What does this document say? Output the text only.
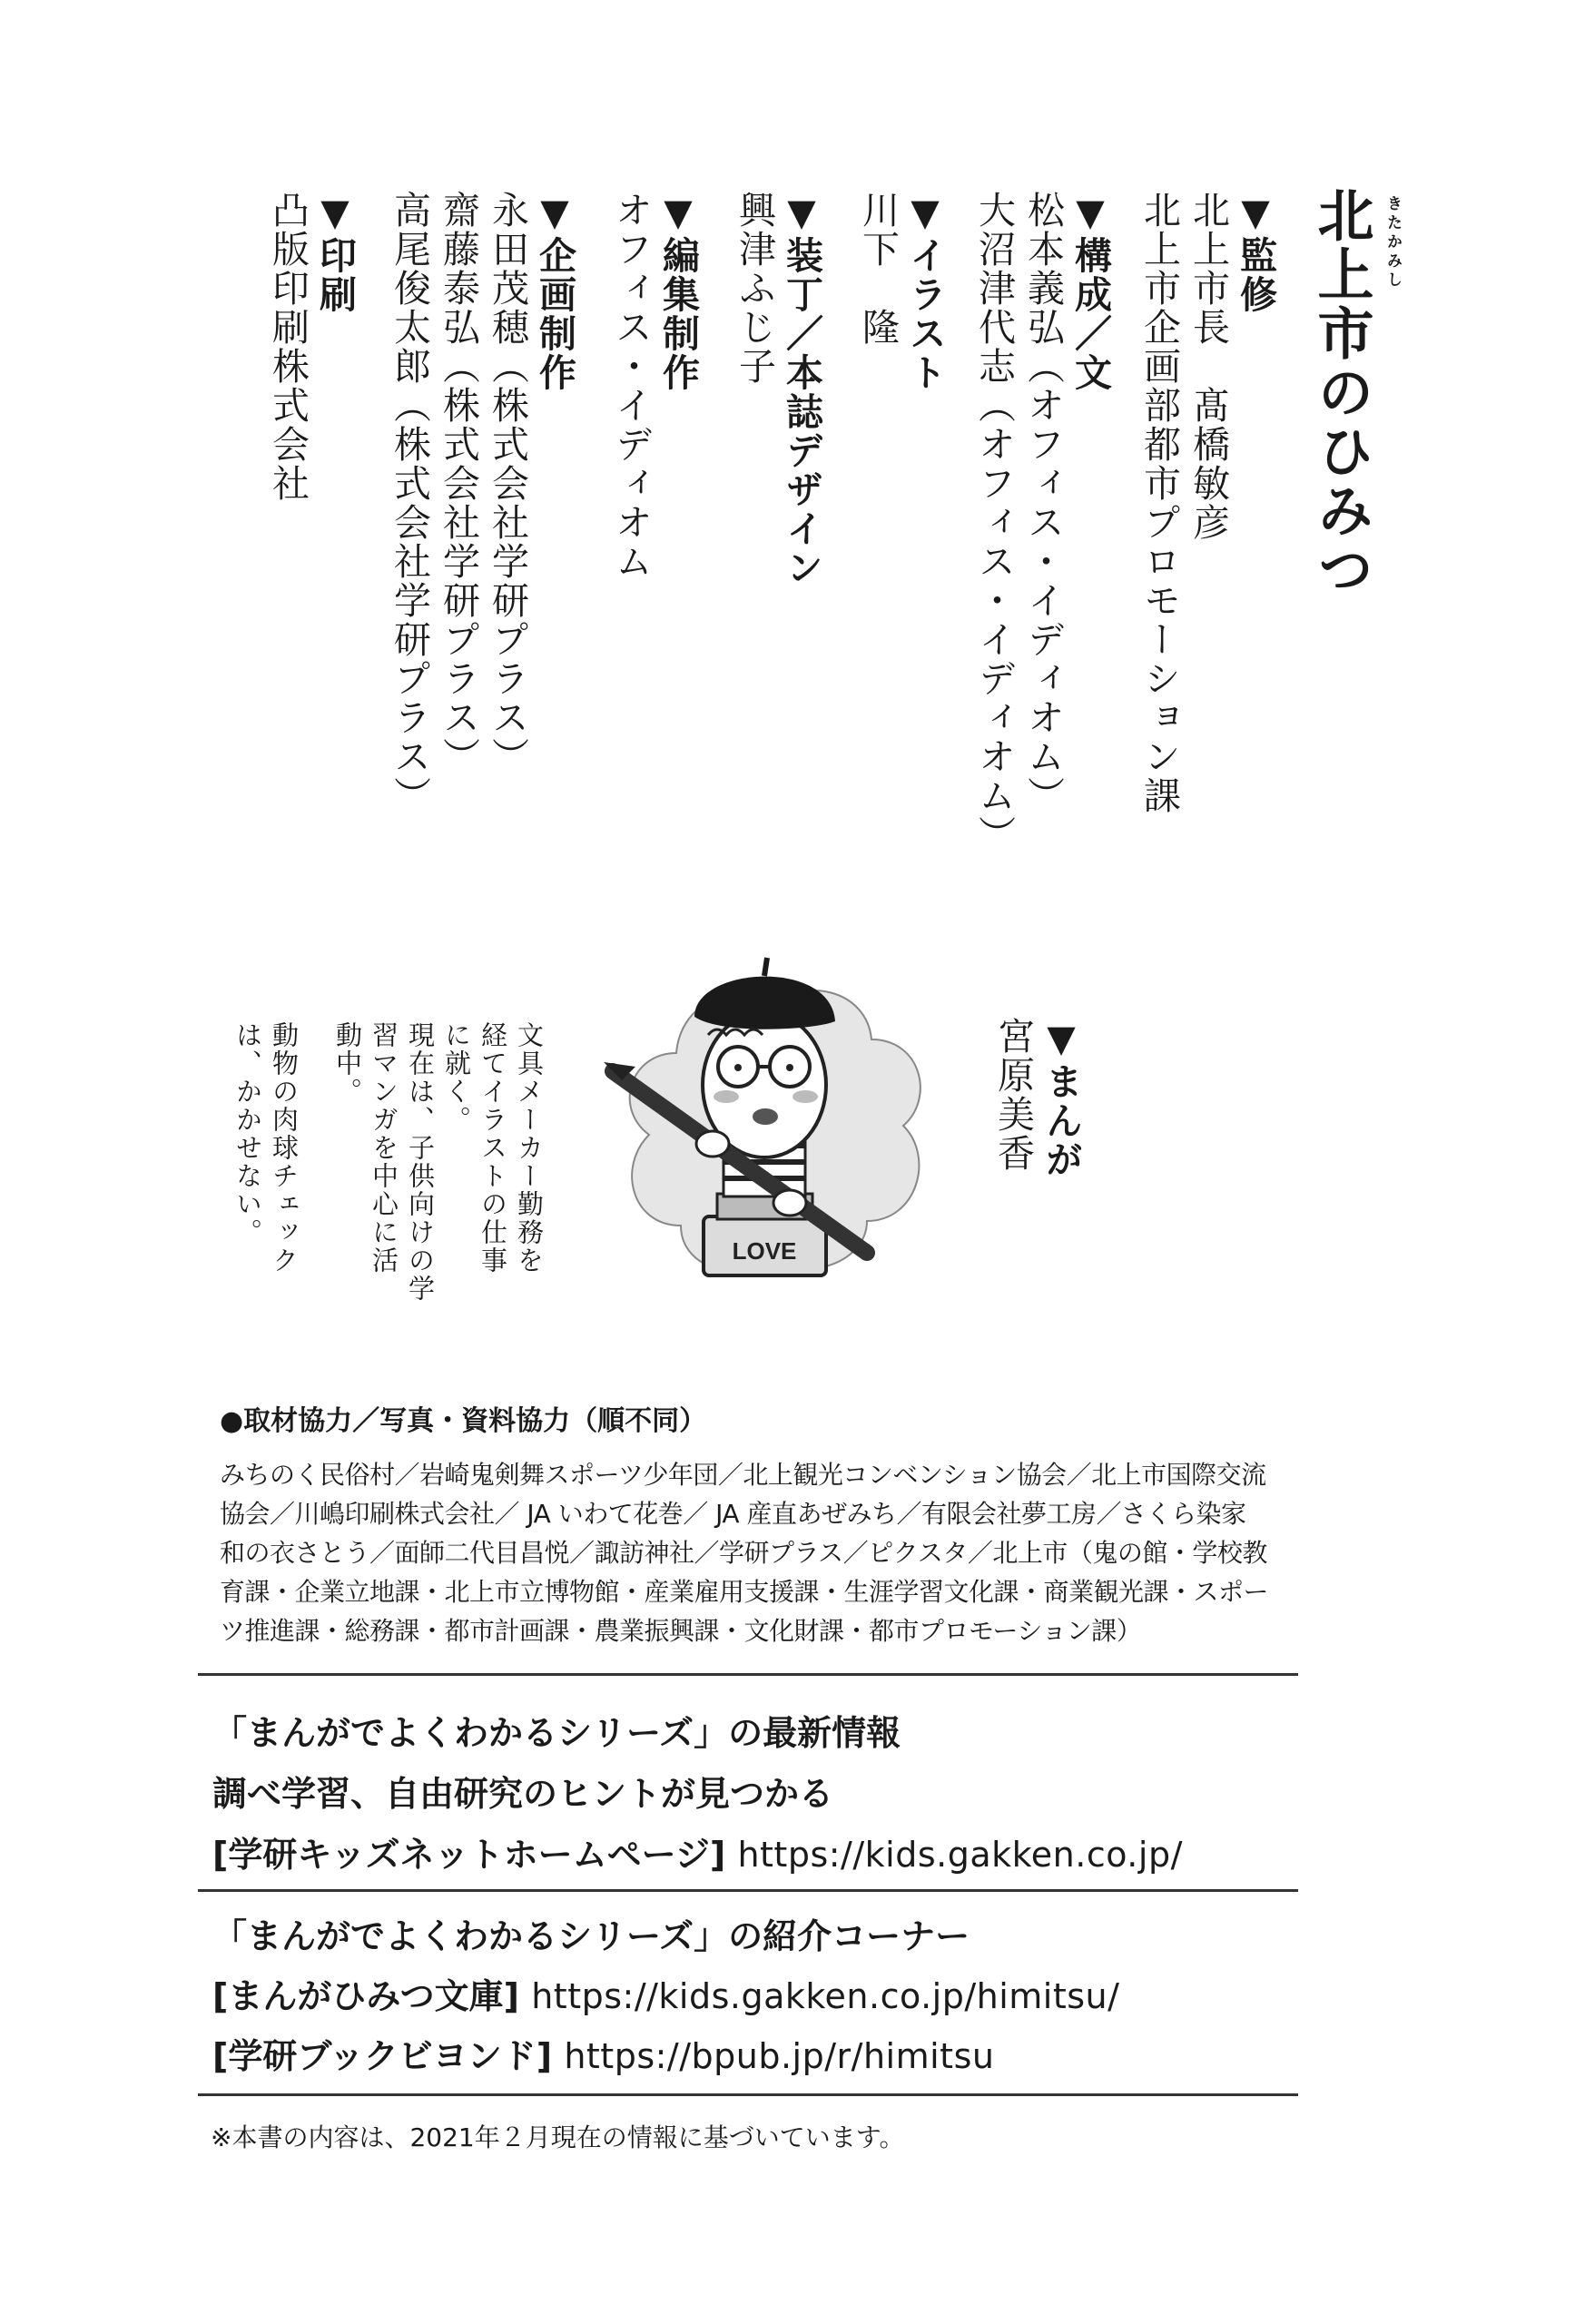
きたかみし
北上市のひみつ
▼監修
北上市長　髙橋敏彦
北上市企画部都市プロモーション課
▼構成／文
松本義弘（オフィス・イディオム）
大沼津代志（オフィス・イディオム）
▼イラスト
川下　隆
▼装丁／本誌デザイン
興津ふじ子
▼編集制作
オフィス・イディオム
▼企画制作
永田茂穂（株式会社学研プラス）
齋藤泰弘（株式会社学研プラス）
高尾俊太郎（株式会社学研プラス）
▼印刷
凸版印刷株式会社
▼まんが
宮原美香
LOVE
文具メーカー勤務を
経てイラストの仕事
に就く。
現在は、子供向けの学
習マンガを中心に活
動中。
動物の肉球チェック
は、かかせない。
●取材協力／写真・資料協力（順不同）
みちのく民俗村／岩崎鬼剣舞スポーツ少年団／北上観光コンベンション協会／北上市国際交流
協会／川嶋印刷株式会社／ JA いわて花巻／ JA 産直あぜみち／有限会社夢工房／さくら染家
和の衣さとう／面師二代目昌悦／諏訪神社／学研プラス／ピクスタ／北上市（鬼の館・学校教
育課・企業立地課・北上市立博物館・産業雇用支援課・生涯学習文化課・商業観光課・スポー
ツ推進課・総務課・都市計画課・農業振興課・文化財課・都市プロモーション課）
「まんがでよくわかるシリーズ」の最新情報
調べ学習、自由研究のヒントが見つかる
[学研キッズネットホームページ] https://kids.gakken.co.jp/
「まんがでよくわかるシリーズ」の紹介コーナー
[まんがひみつ文庫] https://kids.gakken.co.jp/himitsu/
[学研ブックビヨンド] https://bpub.jp/r/himitsu
※本書の内容は、2021年２月現在の情報に基づいています。
